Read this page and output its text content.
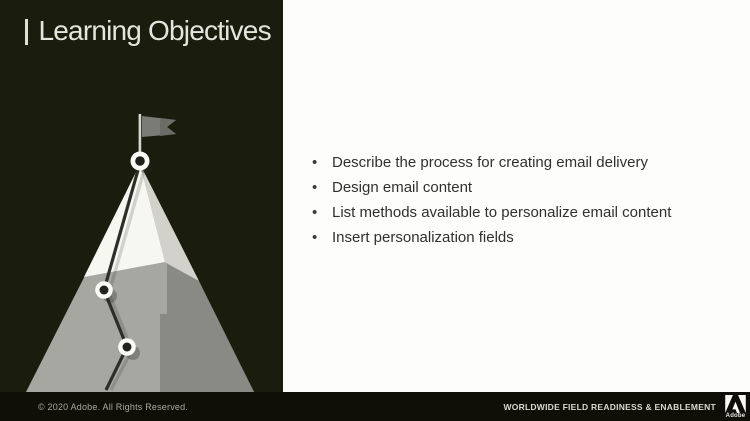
Learning Objectives
• Describe the process for creating email delivery
• Design email content
• List methods available to personalize email content
• Insert personalization fields
© 2020 Adobe. All Rights Reserved.	WORLDWIDE FIELD READINESS & ENABLEMENT
Adobe
